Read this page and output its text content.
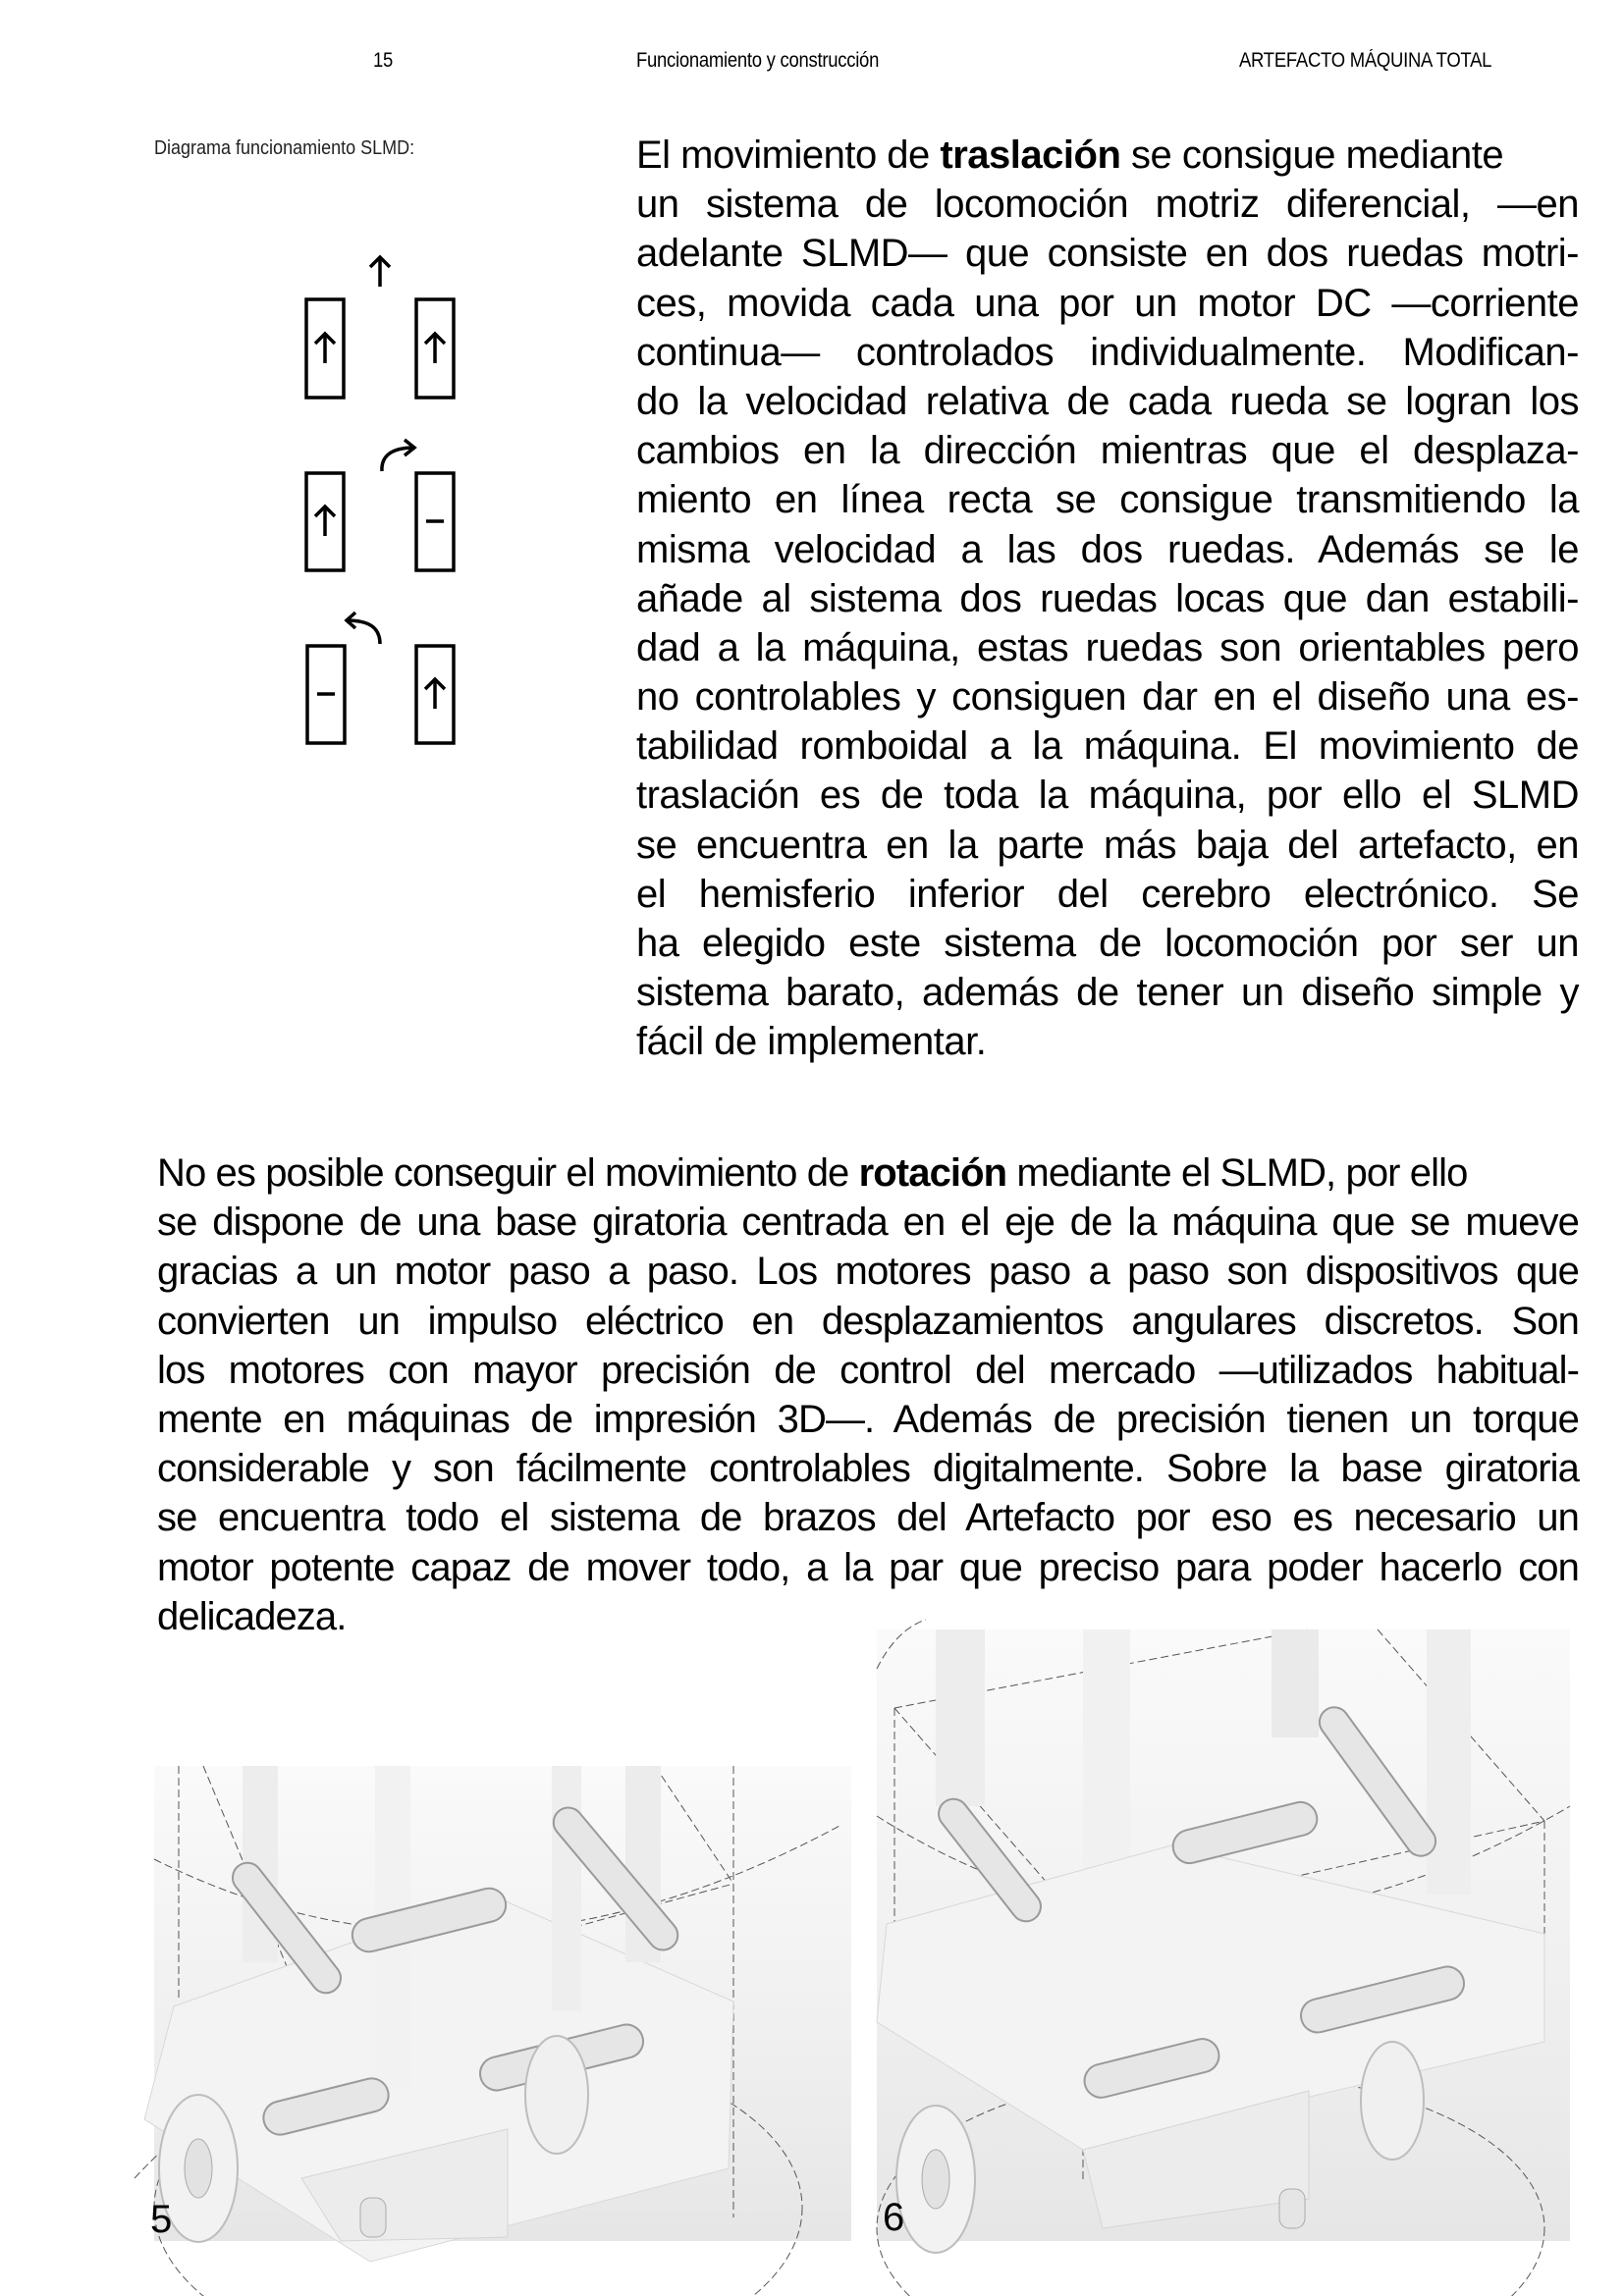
15	Funcionamiento y construcción	ARTEFACTO MÁQUINA TOTAL
Diagrama funcionamiento SLMD:	El movimiento de traslación se consigue mediante
un sistema de locomoción motriz diferencial, —en
adelante SLMD— que consiste en dos ruedas motri-
ces, movida cada una por un motor DC —corriente
continua— controlados individualmente. Modifican-
do la velocidad relativa de cada rueda se logran los
cambios en la dirección mientras que el desplaza-
miento en línea recta se consigue transmitiendo la
misma velocidad a las dos ruedas. Además se le
añade al sistema dos ruedas locas que dan estabili-
dad a la máquina, estas ruedas son orientables pero
no controlables y consiguen dar en el diseño una es-
tabilidad romboidal a la máquina. El movimiento de
traslación es de toda la máquina, por ello el SLMD
se encuentra en la parte más baja del artefacto, en
el hemisferio inferior del cerebro electrónico. Se
ha elegido este sistema de locomoción por ser un
sistema barato, además de tener un diseño simple y
fácil de implementar.
No es posible conseguir el movimiento de rotación mediante el SLMD, por ello
se dispone de una base giratoria centrada en el eje de la máquina que se mueve
gracias a un motor paso a paso. Los motores paso a paso son dispositivos que
convierten un impulso eléctrico en desplazamientos angulares discretos. Son
los motores con mayor precisión de control del mercado —utilizados habitual-
mente en máquinas de impresión 3D—. Además de precisión tienen un torque
considerable y son fácilmente controlables digitalmente. Sobre la base giratoria
se encuentra todo el sistema de brazos del Artefacto por eso es necesario un
motor potente capaz de mover todo, a la par que preciso para poder hacerlo con
delicadeza.
5	6
